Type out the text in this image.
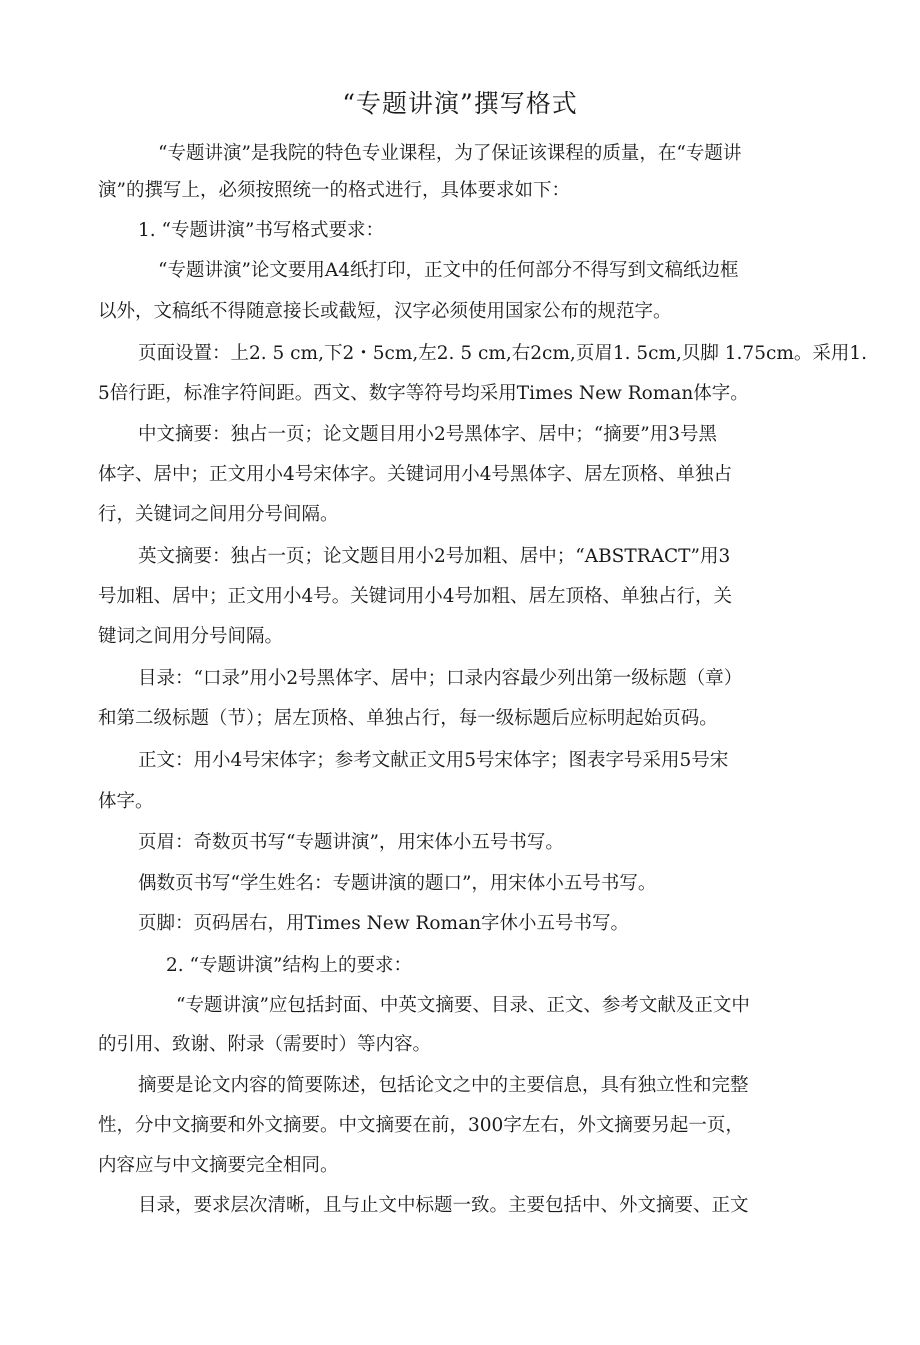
“专题讲演”撰写格式
“专题讲演”是我院的特色专业课程，为了保证该课程的质量，在“专题讲
演”的撰写上，必须按照统一的格式进行，具体要求如下：
1. “专题讲演”书写格式要求：
“专题讲演”论文要用A4纸打印，正文中的任何部分不得写到文稿纸边框
以外，文稿纸不得随意接长或截短，汉字必须使用国家公布的规范字。
页面设置：上2. 5 cm,下2・5cm,左2. 5 cm,右2cm,页眉1. 5cm,贝脚 1.75cm。采用1.
5倍行距，标准字符间距。西文、数字等符号均采用Times New Roman体字。
中文摘要：独占一页；论文题目用小2号黑体字、居中；“摘要”用3号黑
体字、居中；正文用小4号宋体字。关键词用小4号黑体字、居左顶格、单独占
行，关键词之间用分号间隔。
英文摘要：独占一页；论文题目用小2号加粗、居中；“ABSTRACT”用3
号加粗、居中；正文用小4号。关键词用小4号加粗、居左顶格、单独占行，关
键词之间用分号间隔。
目录：“口录”用小2号黑体字、居中；口录内容最少列出第一级标题（章）
和第二级标题（节）；居左顶格、单独占行，每一级标题后应标明起始页码。
正文：用小4号宋体字；参考文献正文用5号宋体字；图表字号采用5号宋
体字。
页眉：奇数页书写“专题讲演”，用宋体小五号书写。
偶数页书写“学生姓名：专题讲演的题口”，用宋体小五号书写。
页脚：页码居右，用Times New Roman字休小五号书写。
2. “专题讲演”结构上的要求：
“专题讲演”应包括封面、中英文摘要、目录、正文、参考文献及正文中
的引用、致谢、附录（需要时）等内容。
摘要是论文内容的简要陈述，包括论文之中的主要信息，具有独立性和完整
性，分中文摘要和外文摘要。中文摘要在前，300字左右，外文摘要另起一页，
内容应与中文摘要完全相同。
目录，要求层次清晰，且与止文中标题一致。主要包括中、外文摘要、正文
